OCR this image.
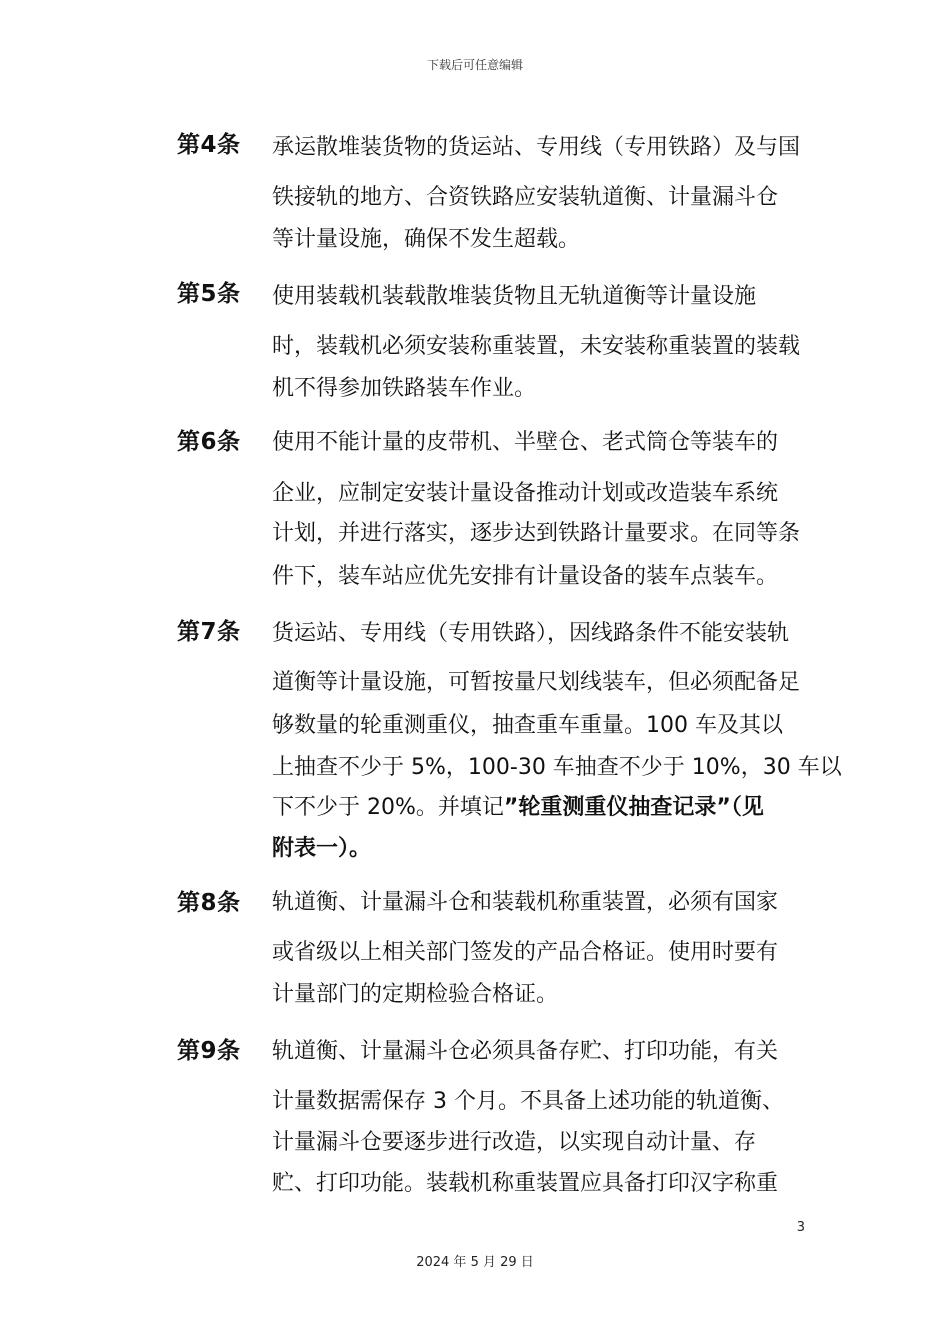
下载后可任意编辑
第4条 承运散堆装货物的货运站、专用线（专用铁路）及与国
铁接轨的地方、合资铁路应安装轨道衡、计量漏斗仓
等计量设施，确保不发生超载。
第5条 使用装载机装载散堆装货物且无轨道衡等计量设施
时，装载机必须安装称重装置，未安装称重装置的装载
机不得参加铁路装车作业。
第6条 使用不能计量的皮带机、半壁仓、老式筒仓等装车的
企业，应制定安装计量设备推动计划或改造装车系统
计划，并进行落实，逐步达到铁路计量要求。在同等条
件下，装车站应优先安排有计量设备的装车点装车。
第7条 货运站、专用线（专用铁路），因线路条件不能安装轨
道衡等计量设施，可暂按量尺划线装车，但必须配备足
够数量的轮重测重仪，抽查重车重量。100 车及其以
上抽查不少于 5%，100-30 车抽查不少于 10%，30 车以
下不少于 20%。并填记”轮重测重仪抽查记录”（见
附表一）。
第8条 轨道衡、计量漏斗仓和装载机称重装置，必须有国家
或省级以上相关部门签发的产品合格证。使用时要有
计量部门的定期检验合格证。
第9条 轨道衡、计量漏斗仓必须具备存贮、打印功能，有关
计量数据需保存 3 个月。不具备上述功能的轨道衡、
计量漏斗仓要逐步进行改造，以实现自动计量、存
贮、打印功能。装载机称重装置应具备打印汉字称重
3
2024 年 5 月 29 日
